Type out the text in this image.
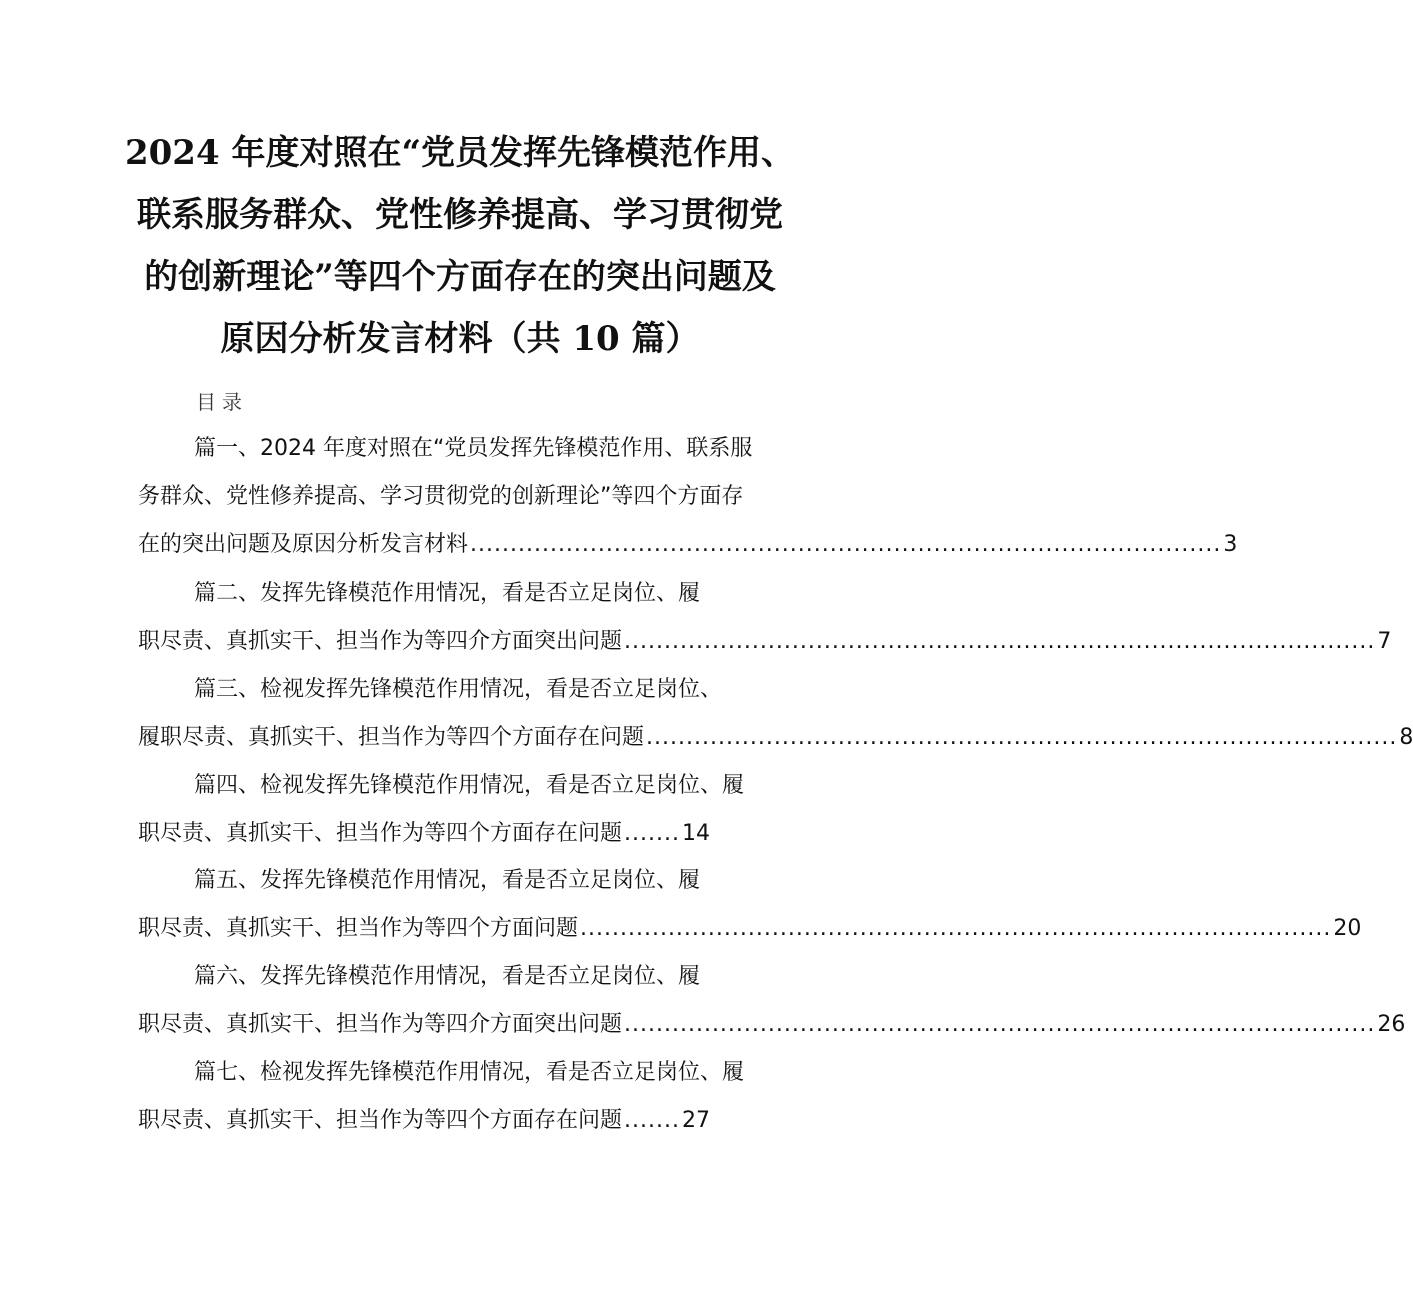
2024 年度对照在“党员发挥先锋模范作用、
联系服务群众、党性修养提高、学习贯彻党
的创新理论”等四个方面存在的突出问题及
原因分析发言材料（共 10 篇）
目录
篇一、2024 年度对照在“党员发挥先锋模范作用、联系服
务群众、党性修养提高、学习贯彻党的创新理论”等四个方面存
在的突出问题及原因分析发言材料 .............................................................................................. 3
篇二、发挥先锋模范作用情况，看是否立足岗位、履
职尽责、真抓实干、担当作为等四介方面突出问题 .............................................................................................. 7
篇三、检视发挥先锋模范作用情况，看是否立足岗位、
履职尽责、真抓实干、担当作为等四个方面存在问题 .............................................................................................. 8
篇四、检视发挥先锋模范作用情况，看是否立足岗位、履
职尽责、真抓实干、担当作为等四个方面存在问题 ....... 14
篇五、发挥先锋模范作用情况，看是否立足岗位、履
职尽责、真抓实干、担当作为等四个方面问题 .............................................................................................. 20
篇六、发挥先锋模范作用情况，看是否立足岗位、履
职尽责、真抓实干、担当作为等四介方面突出问题 .............................................................................................. 26
篇七、检视发挥先锋模范作用情况，看是否立足岗位、履
职尽责、真抓实干、担当作为等四个方面存在问题 ....... 27
